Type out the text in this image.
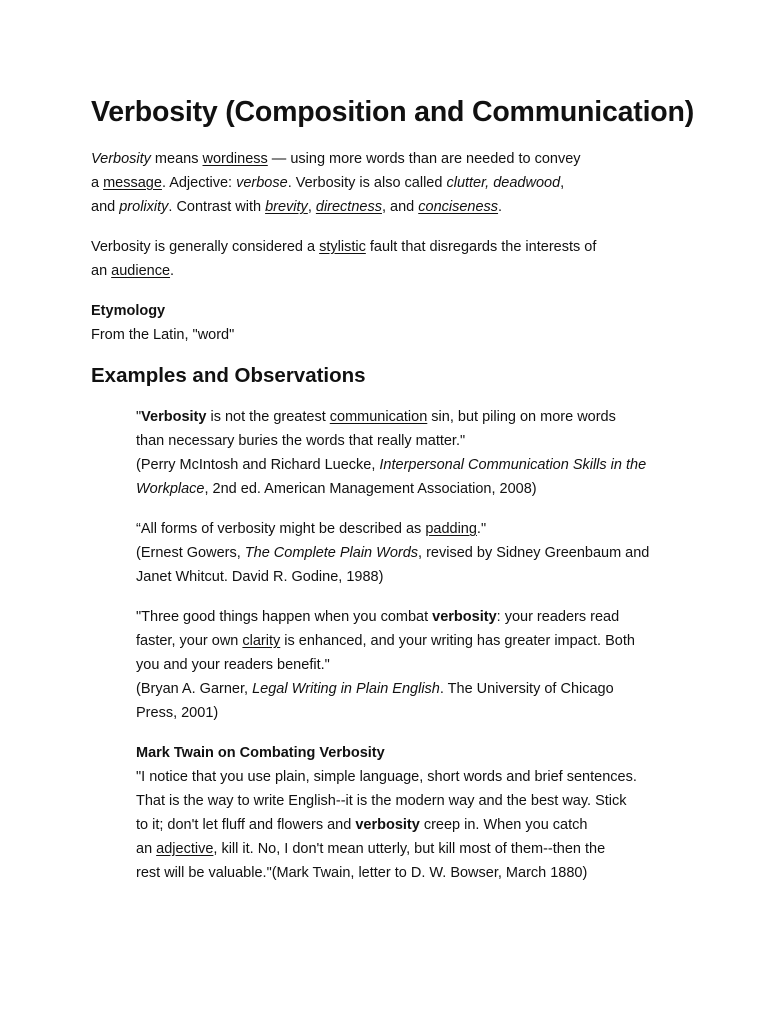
Verbosity (Composition and Communication)

Verbosity means wordiness — using more words than are needed to convey
a message. Adjective: verbose. Verbosity is also called clutter, deadwood,
and prolixity. Contrast with brevity, directness, and conciseness.

Verbosity is generally considered a stylistic fault that disregards the interests of
an audience.

Etymology
From the Latin, "word"

Examples and Observations

"Verbosity is not the greatest communication sin, but piling on more words
than necessary buries the words that really matter."
(Perry McIntosh and Richard Luecke, Interpersonal Communication Skills in the
Workplace, 2nd ed. American Management Association, 2008)

“All forms of verbosity might be described as padding."
(Ernest Gowers, The Complete Plain Words, revised by Sidney Greenbaum and
Janet Whitcut. David R. Godine, 1988)

"Three good things happen when you combat verbosity: your readers read
faster, your own clarity is enhanced, and your writing has greater impact. Both
you and your readers benefit."
(Bryan A. Garner, Legal Writing in Plain English. The University of Chicago
Press, 2001)

Mark Twain on Combating Verbosity
"I notice that you use plain, simple language, short words and brief sentences.
That is the way to write English--it is the modern way and the best way. Stick
to it; don't let fluff and flowers and verbosity creep in. When you catch
an adjective, kill it. No, I don't mean utterly, but kill most of them--then the
rest will be valuable."(Mark Twain, letter to D. W. Bowser, March 1880)
